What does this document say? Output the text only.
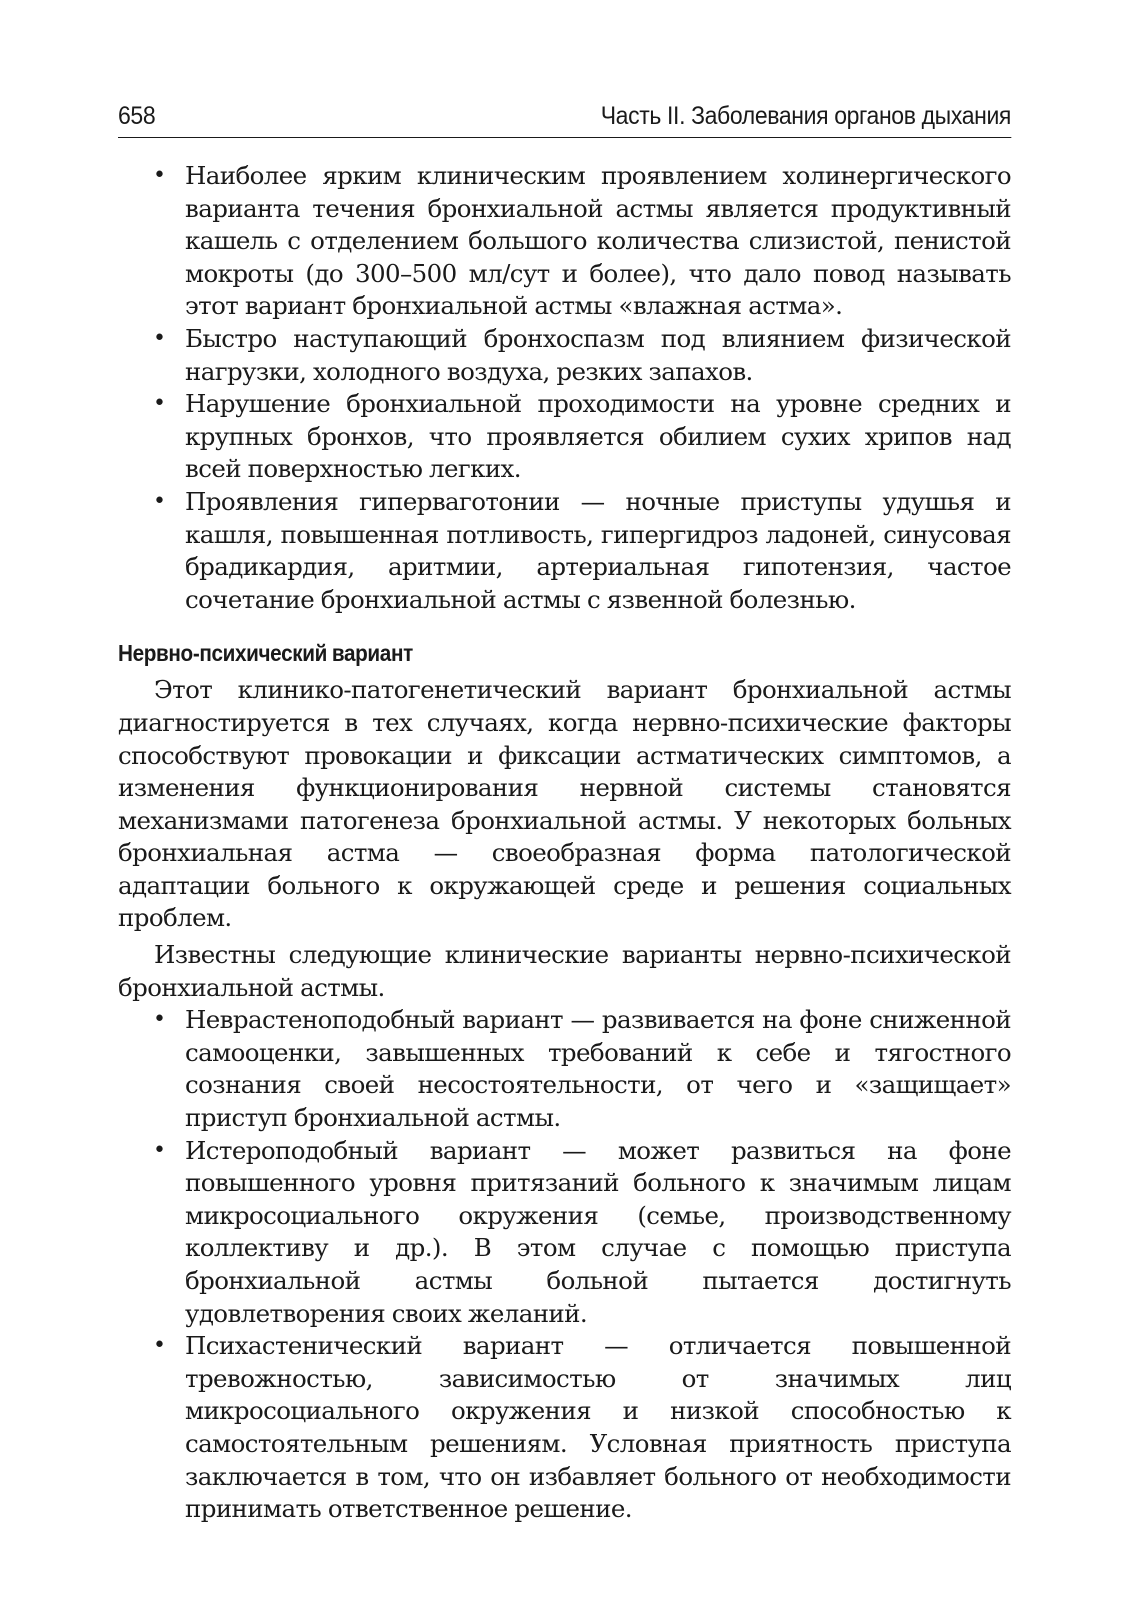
658	Часть II. Заболевания органов дыхания
• Наиболее ярким клиническим проявлением холинергического варианта течения бронхиальной астмы является продуктивный кашель с отделением большого количества слизистой, пенистой мокроты (до 300–500 мл/сут и более), что дало повод называть этот вариант бронхиальной астмы «влажная астма».
• Быстро наступающий бронхоспазм под влиянием физической нагрузки, холодного воздуха, резких запахов.
• Нарушение бронхиальной проходимости на уровне средних и крупных бронхов, что проявляется обилием сухих хрипов над всей поверхностью легких.
• Проявления гиперваготонии — ночные приступы удушья и кашля, повышенная потливость, гипергидроз ладоней, синусовая брадикардия, аритмии, артериальная гипотензия, частое сочетание бронхиальной астмы с язвенной болезнью.
Нервно-психический вариант

Этот клинико-патогенетический вариант бронхиальной астмы диагностируется в тех случаях, когда нервно-психические факторы способствуют провокации и фиксации астматических симптомов, а изменения функционирования нервной системы становятся механизмами патогенеза бронхиальной астмы. У некоторых больных бронхиальная астма — своеобразная форма патологической адаптации больного к окружающей среде и решения социальных проблем.

Известны следующие клинические варианты нервно-психической бронхиальной астмы.

• Неврастеноподобный вариант — развивается на фоне сниженной самооценки, завышенных требований к себе и тягостного сознания своей несостоятельности, от чего и «защищает» приступ бронхиальной астмы.
• Истероподобный вариант — может развиться на фоне повышенного уровня притязаний больного к значимым лицам микросоциального окружения (семье, производственному коллективу и др.). В этом случае с помощью приступа бронхиальной астмы больной пытается достигнуть удовлетворения своих желаний.
• Психастенический вариант — отличается повышенной тревожностью, зависимостью от значимых лиц микросоциального окружения и низкой способностью к самостоятельным решениям. Условная приятность приступа заключается в том, что он избавляет больного от необходимости принимать ответственное решение.
